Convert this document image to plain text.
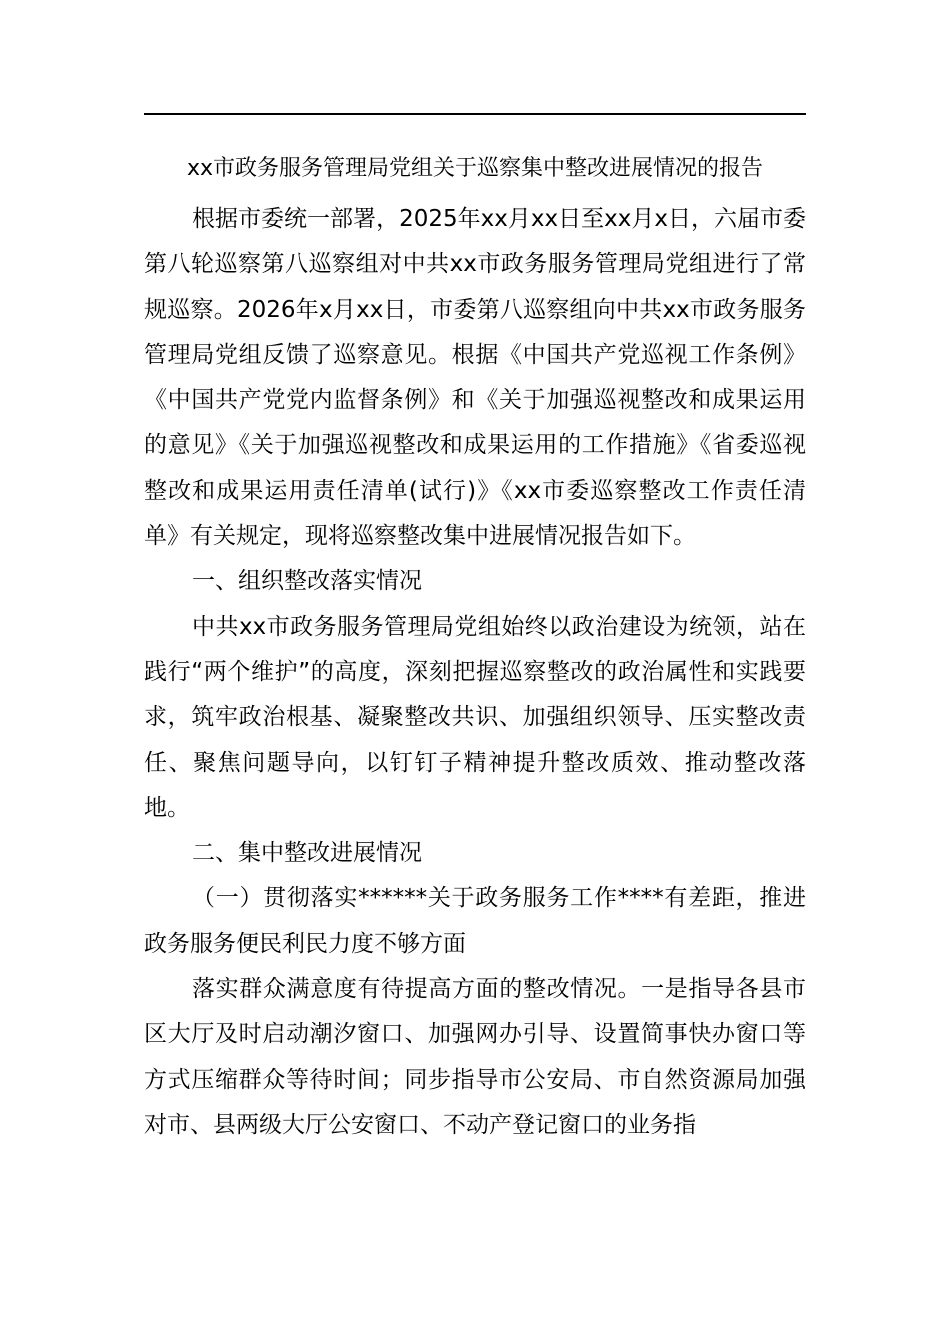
xx市政务服务管理局党组关于巡察集中整改进展情况的报告

根据市委统一部署，2025年xx月xx日至xx月x日，六届市委第八轮巡察第八巡察组对中共xx市政务服务管理局党组进行了常规巡察。2026年x月xx日，市委第八巡察组向中共xx市政务服务管理局党组反馈了巡察意见。根据《中国共产党巡视工作条例》《中国共产党党内监督条例》和《关于加强巡视整改和成果运用的意见》《关于加强巡视整改和成果运用的工作措施》《省委巡视整改和成果运用责任清单(试行)》《xx市委巡察整改工作责任清单》有关规定，现将巡察整改集中进展情况报告如下。

一、组织整改落实情况

中共xx市政务服务管理局党组始终以政治建设为统领，站在践行“两个维护”的高度，深刻把握巡察整改的政治属性和实践要求，筑牢政治根基、凝聚整改共识、加强组织领导、压实整改责任、聚焦问题导向，以钉钉子精神提升整改质效、推动整改落地。

二、集中整改进展情况

（一）贯彻落实******关于政务服务工作****有差距，推进政务服务便民利民力度不够方面

落实群众满意度有待提高方面的整改情况。一是指导各县市区大厅及时启动潮汐窗口、加强网办引导、设置简事快办窗口等方式压缩群众等待时间；同步指导市公安局、市自然资源局加强对市、县两级大厅公安窗口、不动产登记窗口的业务指
